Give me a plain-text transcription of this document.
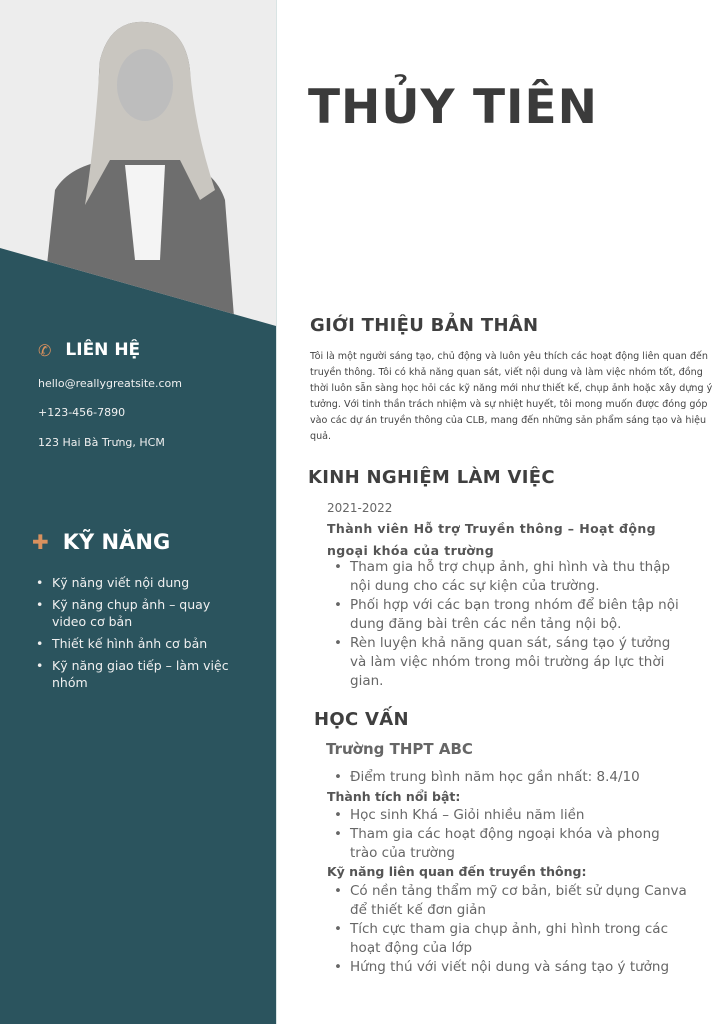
✆ LIÊN HỆ
hello@reallygreatsite.com
+123-456-7890
123 Hai Bà Trưng, HCM
✚ KỸ NĂNG
• Kỹ năng viết nội dung
• Kỹ năng chụp ảnh – quay video cơ bản
• Thiết kế hình ảnh cơ bản
• Kỹ năng giao tiếp – làm việc nhóm
THỦY TIÊN
GIỚI THIỆU BẢN THÂN
Tôi là một người sáng tạo, chủ động và luôn yêu thích các hoạt động liên quan đến truyền thông. Tôi có khả năng quan sát, viết nội dung và làm việc nhóm tốt, đồng thời luôn sẵn sàng học hỏi các kỹ năng mới như thiết kế, chụp ảnh hoặc xây dựng ý tưởng. Với tinh thần trách nhiệm và sự nhiệt huyết, tôi mong muốn được đóng góp vào các dự án truyền thông của CLB, mang đến những sản phẩm sáng tạo và hiệu quả.
KINH NGHIỆM LÀM VIỆC
2021-2022
Thành viên Hỗ trợ Truyền thông – Hoạt động ngoại khóa của trường
• Tham gia hỗ trợ chụp ảnh, ghi hình và thu thập nội dung cho các sự kiện của trường.
• Phối hợp với các bạn trong nhóm để biên tập nội dung đăng bài trên các nền tảng nội bộ.
• Rèn luyện khả năng quan sát, sáng tạo ý tưởng và làm việc nhóm trong môi trường áp lực thời gian.
HỌC VẤN
Trường THPT ABC
• Điểm trung bình năm học gần nhất: 8.4/10
Thành tích nổi bật:
• Học sinh Khá – Giỏi nhiều năm liền
• Tham gia các hoạt động ngoại khóa và phong trào của trường
Kỹ năng liên quan đến truyền thông:
• Có nền tảng thẩm mỹ cơ bản, biết sử dụng Canva để thiết kế đơn giản
• Tích cực tham gia chụp ảnh, ghi hình trong các hoạt động của lớp
• Hứng thú với viết nội dung và sáng tạo ý tưởng
